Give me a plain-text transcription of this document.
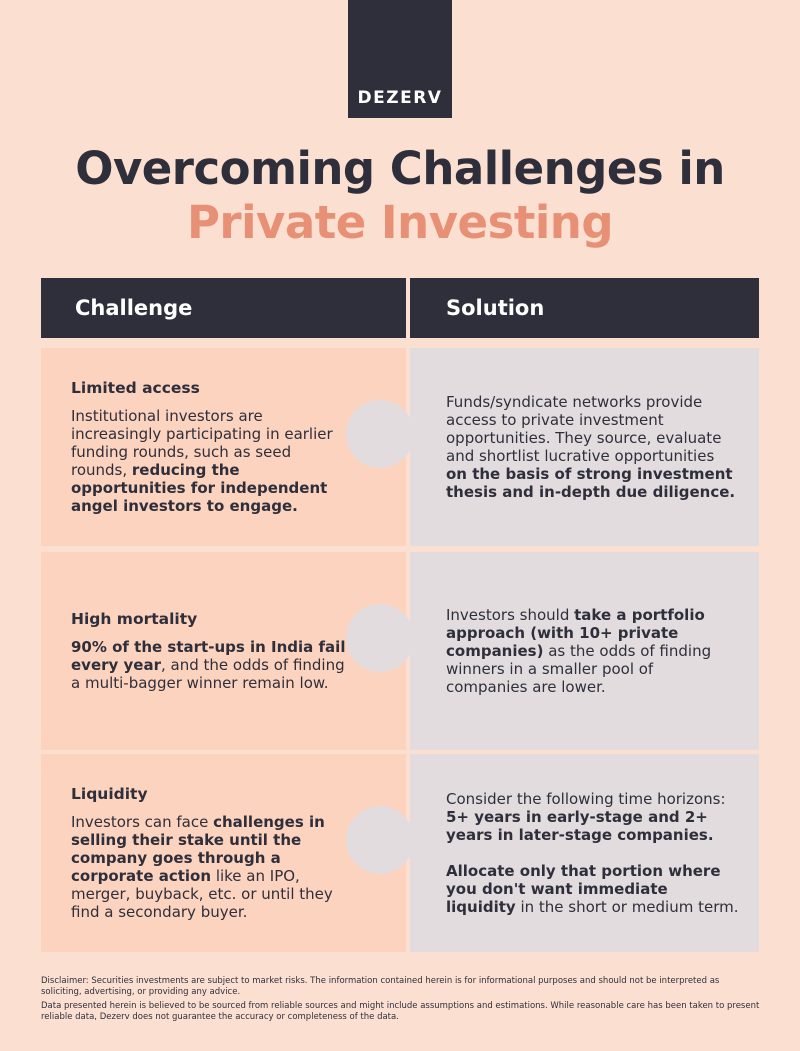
DEZERV
Overcoming Challenges in
Private Investing
Challenge	Solution
Limited access
Institutional investors are increasingly participating in earlier funding rounds, such as seed rounds, reducing the opportunities for independent angel investors to engage.
Funds/syndicate networks provide access to private investment opportunities. They source, evaluate and shortlist lucrative opportunities on the basis of strong investment thesis and in-depth due diligence.
High mortality
90% of the start-ups in India fail every year, and the odds of finding a multi-bagger winner remain low.
Investors should take a portfolio approach (with 10+ private companies) as the odds of finding winners in a smaller pool of companies are lower.
Liquidity
Investors can face challenges in selling their stake until the company goes through a corporate action like an IPO, merger, buyback, etc. or until they find a secondary buyer.
Consider the following time horizons: 5+ years in early-stage and 2+ years in later-stage companies.
Allocate only that portion where you don't want immediate liquidity in the short or medium term.

Disclaimer: Securities investments are subject to market risks. The information contained herein is for informational purposes and should not be interpreted as soliciting, advertising, or providing any advice.

Data presented herein is believed to be sourced from reliable sources and might include assumptions and estimations. While reasonable care has been taken to present reliable data, Dezerv does not guarantee the accuracy or completeness of the data.
